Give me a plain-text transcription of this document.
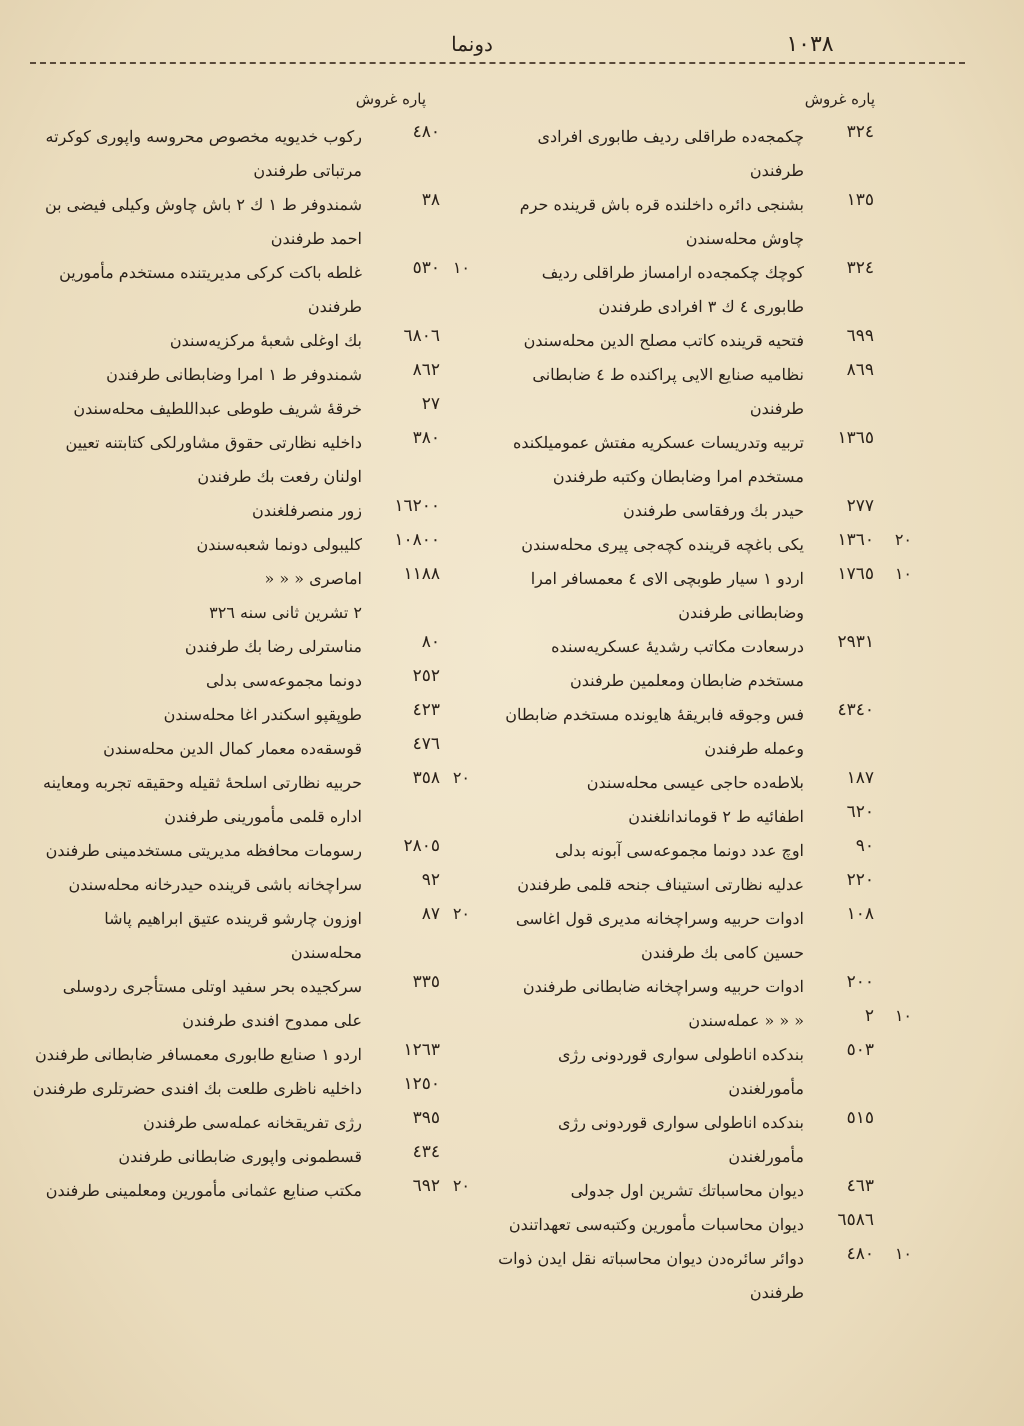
١٠٣٨
دونما
پاره غروش
پاره غروش
٣٢٤
چكمجه‌ده طراقلى رديف طابورى افرادى طرفندن
١٣٥
بشنجى دائره داخلنده قره باش قرينده حرم چاوش محله‌سندن
٣٢٤
كوچك چكمجه‌ده ارامساز طراقلى رديف طابورى ٤ ك ٣ افرادى طرفندن
٦٩٩
فتحيه قرينده كاتب مصلح الدين محله‌سندن
٨٦٩
نظاميه صنايع الايى پراكنده ط ٤ ضابطانى طرفندن
١٣٦٥
تربيه وتدريسات عسكريه مفتش عموميلكنده مستخدم امرا وضابطان وكتبه طرفندن
٢٧٧
حيدر بك ورفقاسى طرفندن
٢٠
١٣٦٠
يكى باغچه قرينده كچه‌جى پيرى محله‌سندن
١٠
١٧٦٥
اردو ١ سيار طوبچى الاى ٤ معمسافر امرا وضابطانى طرفندن
٢٩٣١
درسعادت مكاتب رشديهٔ عسكريه‌سنده مستخدم ضابطان ومعلمين طرفندن
٤٣٤٠
فس وجوقه فابريقهٔ هايونده مستخدم ضابطان وعمله طرفندن
١٨٧
بلاطه‌ده حاجى عيسى محله‌سندن
٦٢٠
اطفائيه ط ٢ قوماندانلغندن
٩٠
اوچ عدد دونما مجموعه‌سى آبونه بدلى
٢٢٠
عدليه نظارتى استيناف جنحه قلمى طرفندن
١٠٨
ادوات حربيه وسراچخانه مديرى قول اغاسى حسين كامى بك طرفندن
٢٠٠
ادوات حربيه وسراچخانه ضابطانى طرفندن
١٠
٢
« « « عمله‌سندن
٥٠٣
بندكده اناطولى سوارى قوردونى رژى مأمورلغندن
٥١٥
بندكده اناطولى سوارى قوردونى رژى مأمورلغندن
٤٦٣
ديوان محاسباتك تشرين اول جدولى
٦٥٨٦
ديوان محاسبات مأمورين وكتبه‌سى تعهداتندن
١٠
٤٨٠
دوائر سائره‌دن ديوان محاسباته نقل ايدن ذوات طرفندن
٤٨٠
ركوب خديويه مخصوص محروسه واپورى كوكرته مرتباتى طرفندن
٣٨
شمندوفر ط ١ ك ٢ باش چاوش وكيلى فيضى بن احمد طرفندن
١٠
٥٣٠
غلطه باكت كركى مديريتنده مستخدم مأمورين طرفندن
٦٨٠٦
بك اوغلى شعبهٔ مركزيه‌سندن
٨٦٢
شمندوفر ط ١ امرا وضابطانى طرفندن
٢٧
خرقهٔ شريف طوطى عبداللطيف محله‌سندن
٣٨٠
داخليه نظارتى حقوق مشاورلكى كتابتنه تعيين اولنان رفعت بك طرفندن
١٦٢٠٠
زور منصرفلغندن
١٠٨٠٠
كليبولى دونما شعبه‌سندن
١١٨٨
اماصرى « « «
٢ تشرين ثانى سنه ٣٢٦
٨٠
مناسترلى رضا بك طرفندن
٢٥٢
دونما مجموعه‌سى بدلى
٤٢٣
طوپقپو اسكندر اغا محله‌سندن
٤٧٦
قوسقه‌ده معمار كمال الدين محله‌سندن
٢٠
٣٥٨
حربيه نظارتى اسلحهٔ ثقيله وحقيقه تجربه ومعاينه اداره قلمى مأمورينى طرفندن
٢٨٠٥
رسومات محافظه مديريتى مستخدمينى طرفندن
٩٢
سراچخانه باشى قرينده حيدرخانه محله‌سندن
٢٠
٨٧
اوزون چارشو قرينده عتيق ابراهيم پاشا محله‌سندن
٣٣٥
سركجيده بحر سفيد اوتلى مستأجرى ردوسلى على ممدوح افندى طرفندن
١٢٦٣
اردو ١ صنايع طابورى معمسافر ضابطانى طرفندن
١٢٥٠
داخليه ناظرى طلعت بك افندى حضرتلرى طرفندن
٣٩٥
رژى تفريقخانه عمله‌سى طرفندن
٤٣٤
قسطمونى واپورى ضابطانى طرفندن
٢٠
٦٩٢
مكتب صنايع عثمانى مأمورين ومعلمينى طرفندن
